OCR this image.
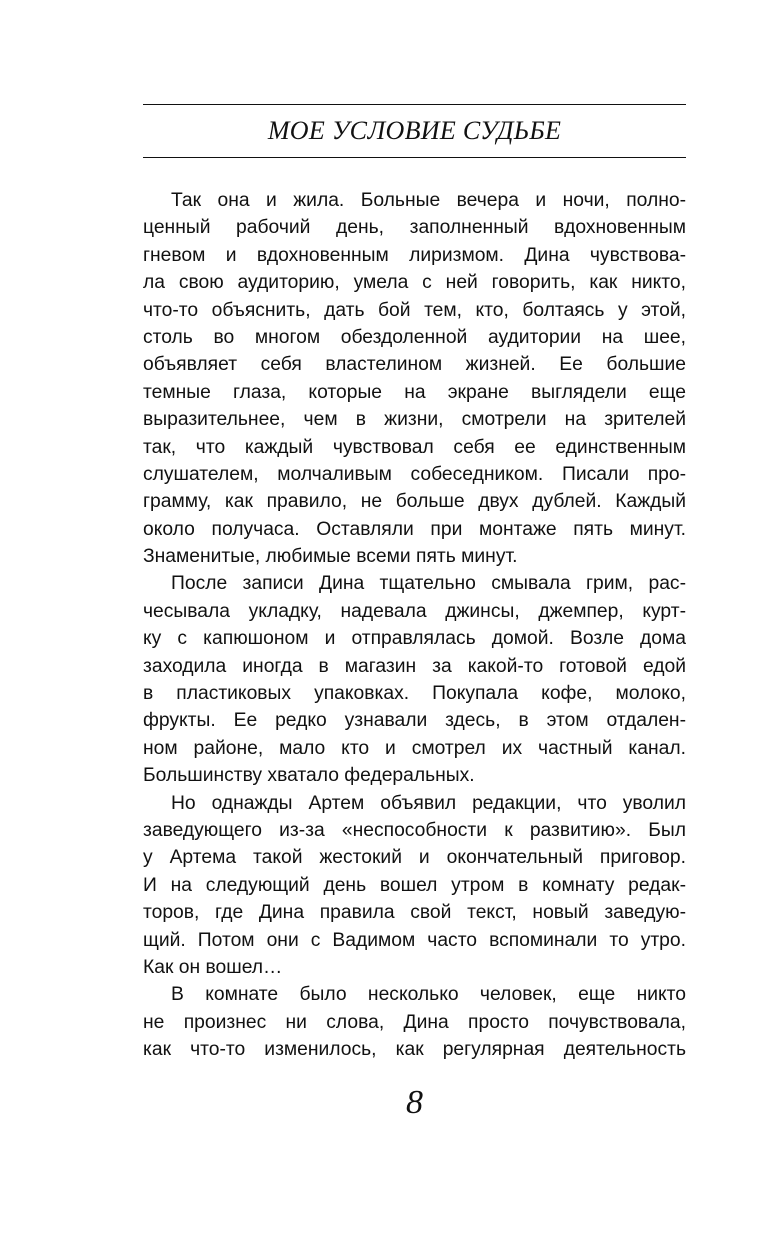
МОЕ УСЛОВИЕ СУДЬБЕ
Так она и жила. Больные вечера и ночи, полно-
ценный рабочий день, заполненный вдохновенным
гневом и вдохновенным лиризмом. Дина чувствова-
ла свою аудиторию, умела с ней говорить, как никто,
что-то объяснить, дать бой тем, кто, болтаясь у этой,
столь во многом обездоленной аудитории на шее,
объявляет себя властелином жизней. Ее большие
темные глаза, которые на экране выглядели еще
выразительнее, чем в жизни, смотрели на зрителей
так, что каждый чувствовал себя ее единственным
слушателем, молчаливым собеседником. Писали про-
грамму, как правило, не больше двух дублей. Каждый
около получаса. Оставляли при монтаже пять минут.
Знаменитые, любимые всеми пять минут.
После записи Дина тщательно смывала грим, рас-
чесывала укладку, надевала джинсы, джемпер, курт-
ку с капюшоном и отправлялась домой. Возле дома
заходила иногда в магазин за какой-то готовой едой
в пластиковых упаковках. Покупала кофе, молоко,
фрукты. Ее редко узнавали здесь, в этом отдален-
ном районе, мало кто и смотрел их частный канал.
Большинству хватало федеральных.
Но однажды Артем объявил редакции, что уволил
заведующего из-за «неспособности к развитию». Был
у Артема такой жестокий и окончательный приговор.
И на следующий день вошел утром в комнату редак-
торов, где Дина правила свой текст, новый заведую-
щий. Потом они с Вадимом часто вспоминали то утро.
Как он вошел…
В комнате было несколько человек, еще никто
не произнес ни слова, Дина просто почувствовала,
как что-то изменилось, как регулярная деятельность
8
